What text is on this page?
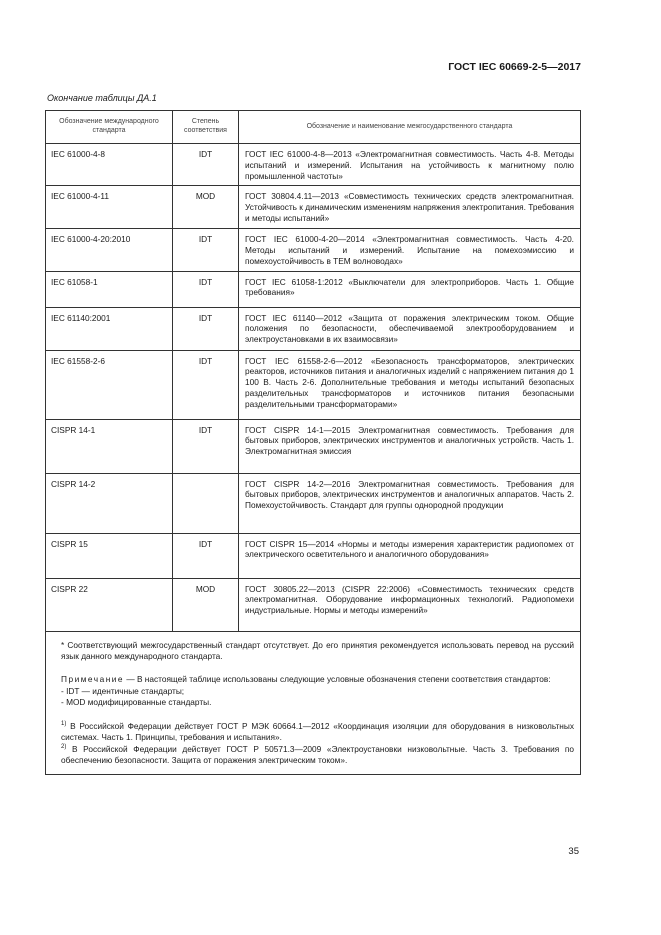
ГОСТ IEC 60669-2-5—2017
Окончание таблицы ДА.1
Обозначение международного стандарта	Степень соответствия	Обозначение и наименование межгосударственного стандарта
IEC 61000-4-8	IDT	ГОСТ IEC 61000-4-8—2013 «Электромагнитная совместимость. Часть 4-8. Методы испытаний и измерений. Испытания на устойчивость к магнитному полю промышленной частоты»
IEC 61000-4-11	MOD	ГОСТ 30804.4.11—2013 «Совместимость технических средств электромагнитная. Устойчивость к динамическим изменениям напряжения электропитания. Требования и методы испытаний»
IEC 61000-4-20:2010	IDT	ГОСТ IEC 61000-4-20—2014 «Электромагнитная совместимость. Часть 4-20. Методы испытаний и измерений. Испытание на помехоэмиссию и помехоустойчивость в ТЕМ волноводах»
IEC 61058-1	IDT	ГОСТ IEC 61058-1:2012 «Выключатели для электроприборов. Часть 1. Общие требования»
IEC 61140:2001	IDT	ГОСТ IEC 61140—2012 «Защита от поражения электрическим током. Общие положения по безопасности, обеспечиваемой электрооборудованием и электроустановками в их взаимосвязи»
IEC 61558-2-6	IDT	ГОСТ IEC 61558-2-6—2012 «Безопасность трансформаторов, электрических реакторов, источников питания и аналогичных изделий с напряжением питания до 1 100 В. Часть 2-6. Дополнительные требования и методы испытаний безопасных разделительных трансформаторов и источников питания безопасными разделительными трансформаторами»
CISPR 14-1	IDT	ГОСТ CISPR 14-1—2015 Электромагнитная совместимость. Требования для бытовых приборов, электрических инструментов и аналогичных устройств. Часть 1. Электромагнитная эмиссия
CISPR 14-2		ГОСТ CISPR 14-2—2016 Электромагнитная совместимость. Требования для бытовых приборов, электрических инструментов и аналогичных аппаратов. Часть 2. Помехоустойчивость. Стандарт для группы однородной продукции
CISPR 15	IDT	ГОСТ CISPR 15—2014 «Нормы и методы измерения характеристик радиопомех от электрического осветительного и аналогичного оборудования»
CISPR 22	MOD	ГОСТ 30805.22—2013 (CISPR 22:2006) «Совместимость технических средств электромагнитная. Оборудование информационных технологий. Радиопомехи индустриальные. Нормы и методы измерений»

* Соответствующий межгосударственный стандарт отсутствует. До его принятия рекомендуется использовать перевод на русский язык данного международного стандарта.

Примечание — В настоящей таблице использованы следующие условные обозначения степени соответствия стандартов:

- IDT — идентичные стандарты;

- MOD модифицированные стандарты.

$^{1)}$ В Российской Федерации действует ГОСТ Р МЭК 60664.1—2012 «Координация изоляции для оборудования в низковольтных системах. Часть 1. Принципы, требования и испытания».

$^{2)}$ В Российской Федерации действует ГОСТ Р 50571.3—2009 «Электроустановки низковольтные. Часть 3. Требования по обеспечению безопасности. Защита от поражения электрическим током».

35
